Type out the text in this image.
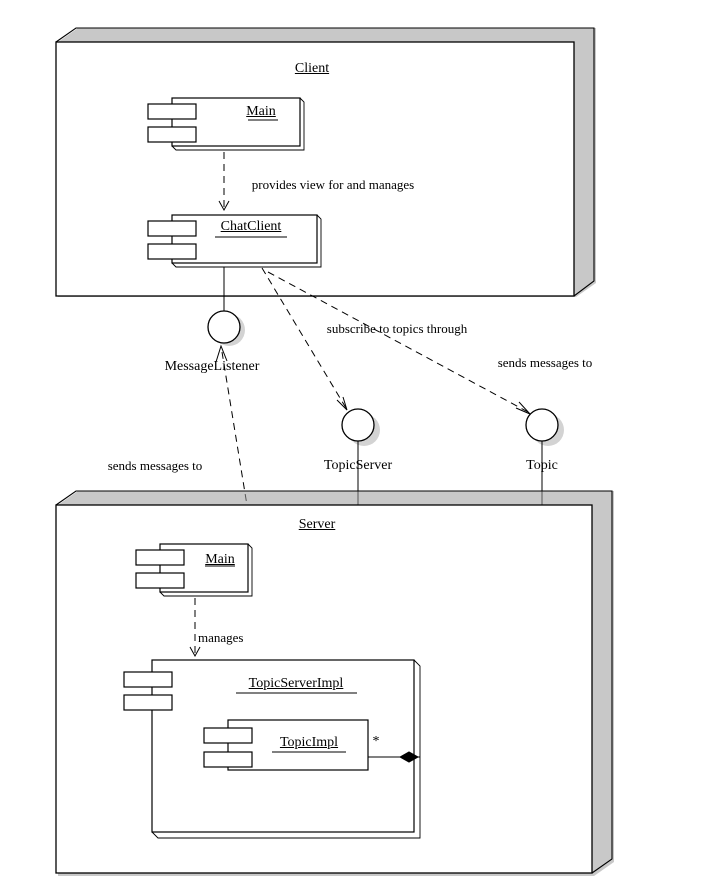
Client
Main
provides view for and manages
ChatClient
subscribe to topics through
sends messages to
MessageListener
TopicServer	Topic
sends messages to
Server
Main
manages
TopicServerImpl
TopicImpl *
